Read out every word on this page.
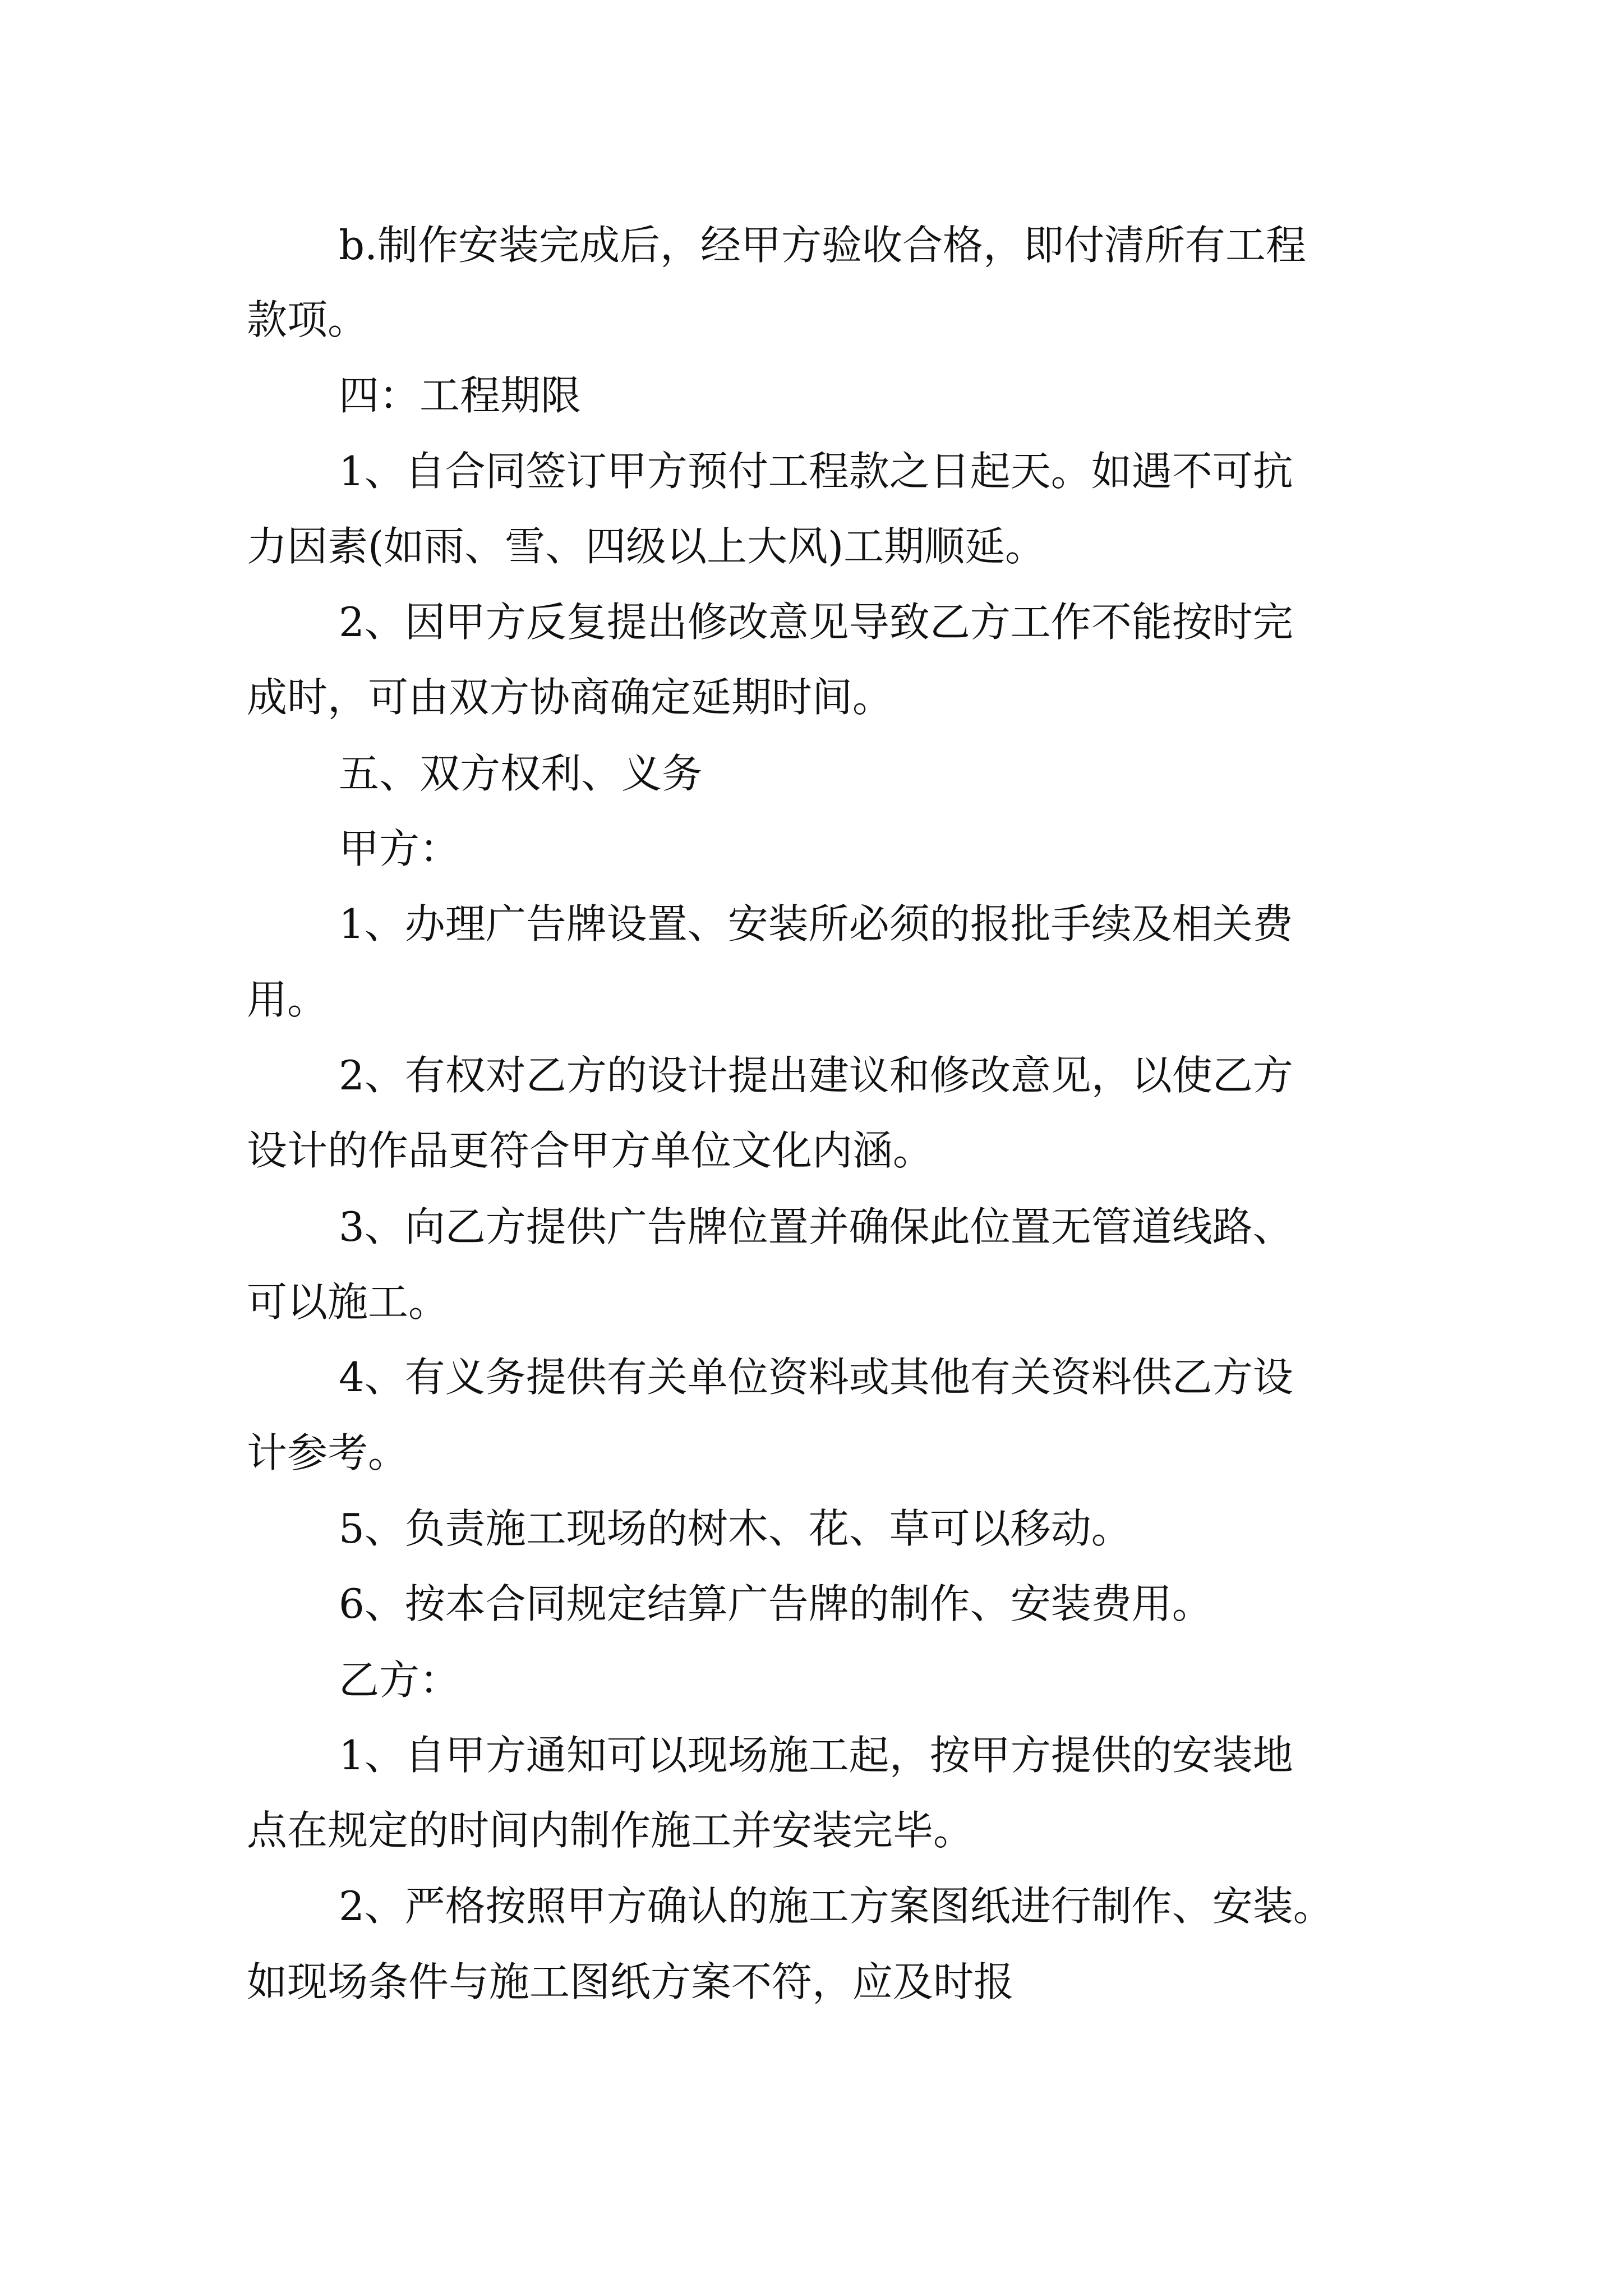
b.制作安装完成后，经甲方验收合格，即付清所有工程
款项。
四：工程期限
1、自合同签订甲方预付工程款之日起天。如遇不可抗
力因素(如雨、雪、四级以上大风)工期顺延。
2、因甲方反复提出修改意见导致乙方工作不能按时完
成时，可由双方协商确定延期时间。
五、双方权利、义务
甲方：
1、办理广告牌设置、安装所必须的报批手续及相关费
用。
2、有权对乙方的设计提出建议和修改意见，以使乙方
设计的作品更符合甲方单位文化内涵。
3、向乙方提供广告牌位置并确保此位置无管道线路、
可以施工。
4、有义务提供有关单位资料或其他有关资料供乙方设
计参考。
5、负责施工现场的树木、花、草可以移动。
6、按本合同规定结算广告牌的制作、安装费用。
乙方：
1、自甲方通知可以现场施工起，按甲方提供的安装地
点在规定的时间内制作施工并安装完毕。
2、严格按照甲方确认的施工方案图纸进行制作、安装。
如现场条件与施工图纸方案不符，应及时报
